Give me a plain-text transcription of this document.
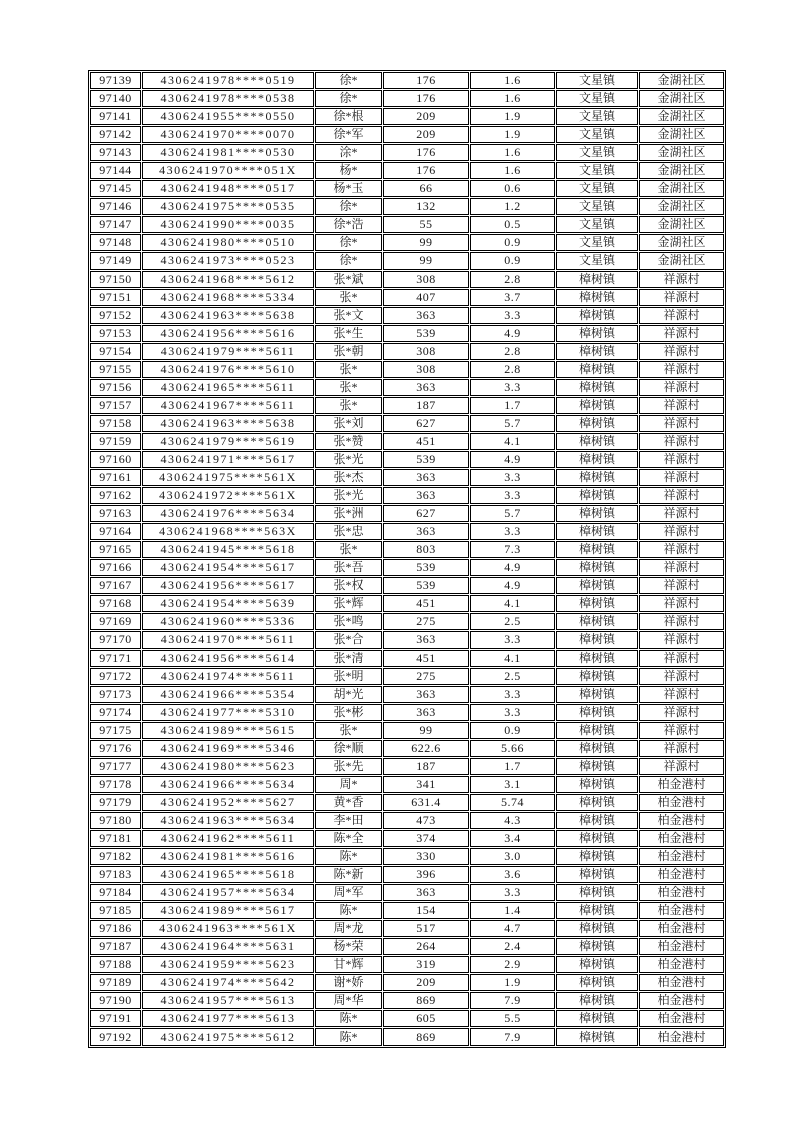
97139	4306241978****0519	徐*	176	1.6	文星镇	金湖社区
97140	4306241978****0538	徐*	176	1.6	文星镇	金湖社区
97141	4306241955****0550	徐*根	209	1.9	文星镇	金湖社区
97142	4306241970****0070	徐*军	209	1.9	文星镇	金湖社区
97143	4306241981****0530	涂*	176	1.6	文星镇	金湖社区
97144	4306241970****051X	杨*	176	1.6	文星镇	金湖社区
97145	4306241948****0517	杨*玉	66	0.6	文星镇	金湖社区
97146	4306241975****0535	徐*	132	1.2	文星镇	金湖社区
97147	4306241990****0035	徐*浩	55	0.5	文星镇	金湖社区
97148	4306241980****0510	徐*	99	0.9	文星镇	金湖社区
97149	4306241973****0523	徐*	99	0.9	文星镇	金湖社区
97150	4306241968****5612	张*斌	308	2.8	樟树镇	祥源村
97151	4306241968****5334	张*	407	3.7	樟树镇	祥源村
97152	4306241963****5638	张*文	363	3.3	樟树镇	祥源村
97153	4306241956****5616	张*生	539	4.9	樟树镇	祥源村
97154	4306241979****5611	张*朝	308	2.8	樟树镇	祥源村
97155	4306241976****5610	张*	308	2.8	樟树镇	祥源村
97156	4306241965****5611	张*	363	3.3	樟树镇	祥源村
97157	4306241967****5611	张*	187	1.7	樟树镇	祥源村
97158	4306241963****5638	张*刘	627	5.7	樟树镇	祥源村
97159	4306241979****5619	张*赞	451	4.1	樟树镇	祥源村
97160	4306241971****5617	张*光	539	4.9	樟树镇	祥源村
97161	4306241975****561X	张*杰	363	3.3	樟树镇	祥源村
97162	4306241972****561X	张*光	363	3.3	樟树镇	祥源村
97163	4306241976****5634	张*洲	627	5.7	樟树镇	祥源村
97164	4306241968****563X	张*忠	363	3.3	樟树镇	祥源村
97165	4306241945****5618	张*	803	7.3	樟树镇	祥源村
97166	4306241954****5617	张*吾	539	4.9	樟树镇	祥源村
97167	4306241956****5617	张*权	539	4.9	樟树镇	祥源村
97168	4306241954****5639	张*辉	451	4.1	樟树镇	祥源村
97169	4306241960****5336	张*鸣	275	2.5	樟树镇	祥源村
97170	4306241970****5611	张*合	363	3.3	樟树镇	祥源村
97171	4306241956****5614	张*清	451	4.1	樟树镇	祥源村
97172	4306241974****5611	张*明	275	2.5	樟树镇	祥源村
97173	4306241966****5354	胡*光	363	3.3	樟树镇	祥源村
97174	4306241977****5310	张*彬	363	3.3	樟树镇	祥源村
97175	4306241989****5615	张*	99	0.9	樟树镇	祥源村
97176	4306241969****5346	徐*顺	622.6	5.66	樟树镇	祥源村
97177	4306241980****5623	张*先	187	1.7	樟树镇	祥源村
97178	4306241966****5634	周*	341	3.1	樟树镇	柏金港村
97179	4306241952****5627	黄*香	631.4	5.74	樟树镇	柏金港村
97180	4306241963****5634	李*田	473	4.3	樟树镇	柏金港村
97181	4306241962****5611	陈*全	374	3.4	樟树镇	柏金港村
97182	4306241981****5616	陈*	330	3.0	樟树镇	柏金港村
97183	4306241965****5618	陈*新	396	3.6	樟树镇	柏金港村
97184	4306241957****5634	周*军	363	3.3	樟树镇	柏金港村
97185	4306241989****5617	陈*	154	1.4	樟树镇	柏金港村
97186	4306241963****561X	周*龙	517	4.7	樟树镇	柏金港村
97187	4306241964****5631	杨*荣	264	2.4	樟树镇	柏金港村
97188	4306241959****5623	甘*辉	319	2.9	樟树镇	柏金港村
97189	4306241974****5642	谢*娇	209	1.9	樟树镇	柏金港村
97190	4306241957****5613	周*华	869	7.9	樟树镇	柏金港村
97191	4306241977****5613	陈*	605	5.5	樟树镇	柏金港村
97192	4306241975****5612	陈*	869	7.9	樟树镇	柏金港村
